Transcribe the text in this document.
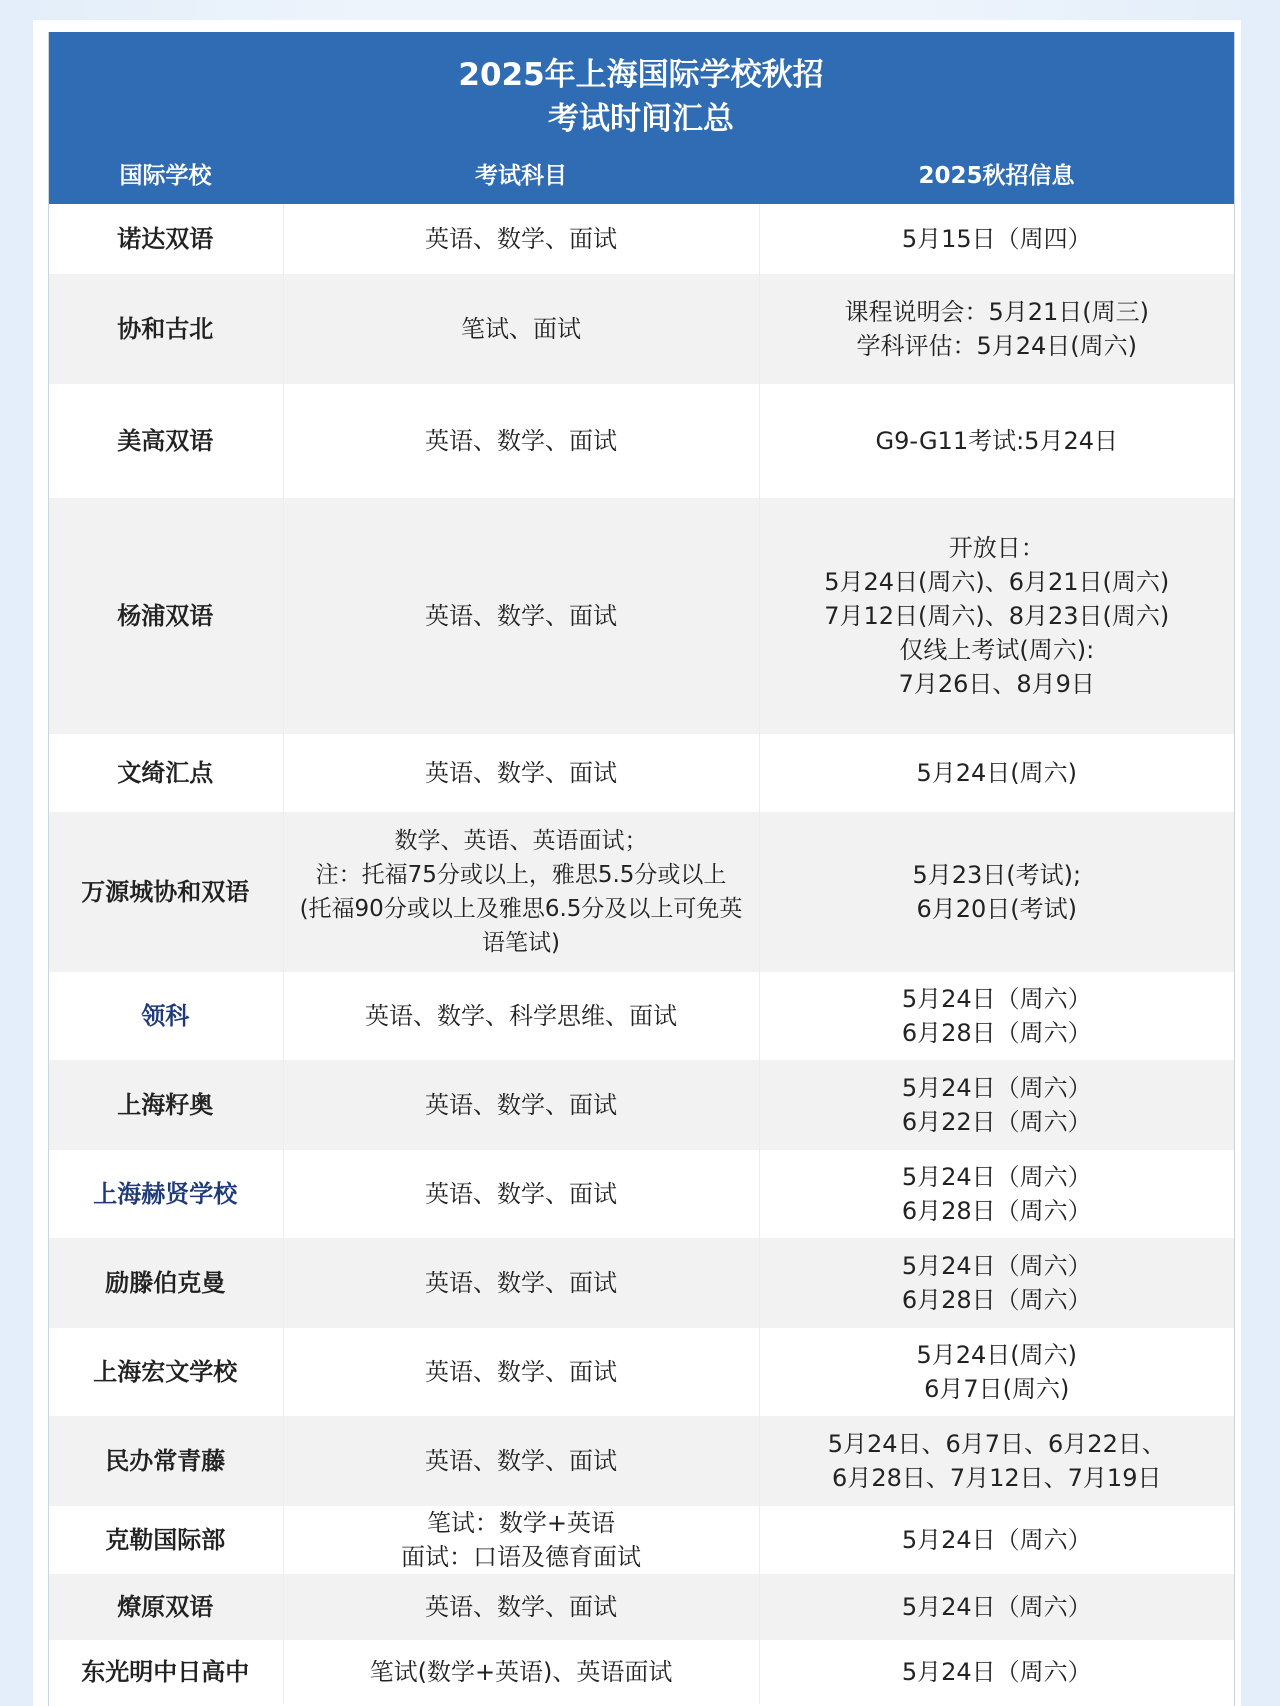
2025年上海国际学校秋招
考试时间汇总		

国际学校	考试科目	2025秋招信息
诺达双语	英语、数学、面试	5月15日（周四）

协和古北	笔试、面试	课程说明会：5月21日(周三)
学科评估：5月24日(周六)

美高双语	英语、数学、面试	G9-G11考试:5月24日

杨浦双语	英语、数学、面试	开放日：
5月24日(周六)、6月21日(周六)
7月12日(周六)、8月23日(周六)
仅线上考试(周六):
7月26日、8月9日

文绮汇点	英语、数学、面试	5月24日(周六)

万源城协和双语	数学、英语、英语面试；
注：托福75分或以上，雅思5.5分或以上
(托福90分或以上及雅思6.5分及以上可免英
语笔试)	5月23日(考试);
6月20日(考试)

领科	英语、数学、科学思维、面试	5月24日（周六）
6月28日（周六）

上海籽奥	英语、数学、面试	5月24日（周六）
6月22日（周六）

上海赫贤学校	英语、数学、面试	5月24日（周六）
6月28日（周六）

励滕伯克曼	英语、数学、面试	5月24日（周六）
6月28日（周六）

上海宏文学校	英语、数学、面试	5月24日(周六)
6月7日(周六)

民办常青藤	英语、数学、面试	5月24日、6月7日、6月22日、
6月28日、7月12日、7月19日

克勒国际部	笔试：数学+英语
面试：口语及德育面试	5月24日（周六）

燎原双语	英语、数学、面试	5月24日（周六）

东光明中日高中	笔试(数学+英语)、英语面试	5月24日（周六）
